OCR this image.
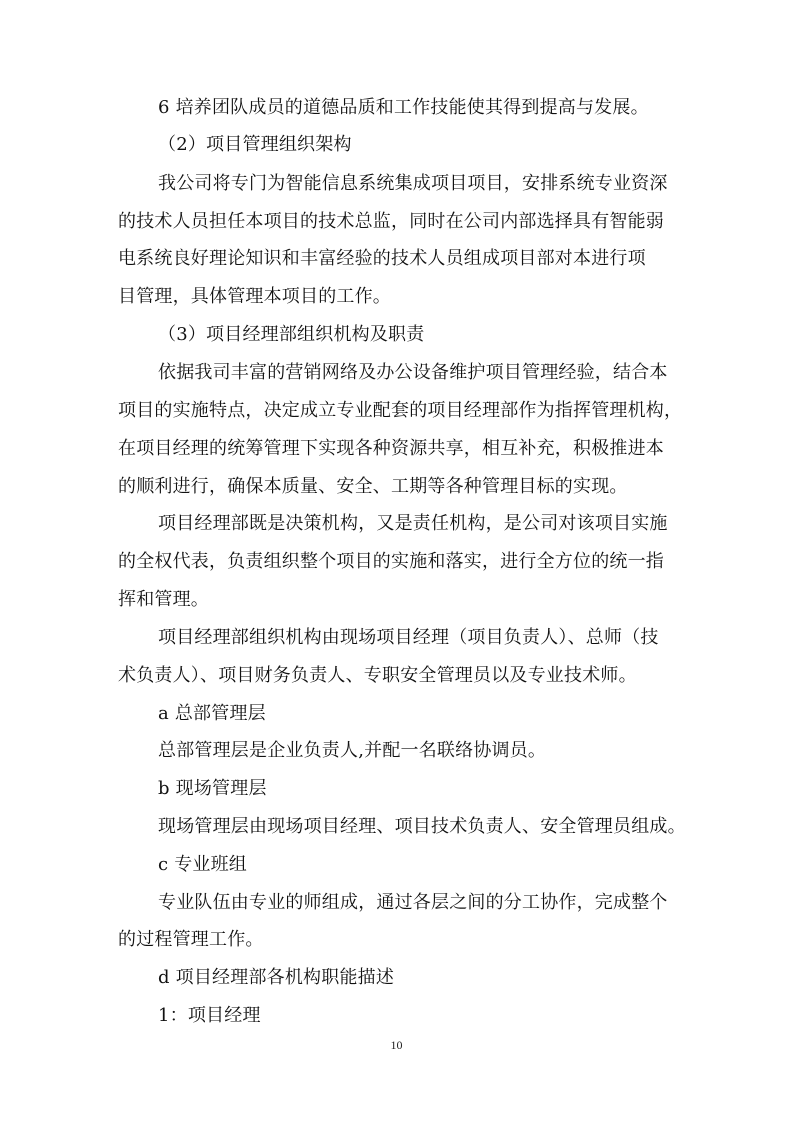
6 培养团队成员的道德品质和工作技能使其得到提高与发展。
（2）项目管理组织架构
我公司将专门为智能信息系统集成项目项目，安排系统专业资深
的技术人员担任本项目的技术总监，同时在公司内部选择具有智能弱
电系统良好理论知识和丰富经验的技术人员组成项目部对本进行项
目管理，具体管理本项目的工作。
（3）项目经理部组织机构及职责
依据我司丰富的营销网络及办公设备维护项目管理经验，结合本
项目的实施特点，决定成立专业配套的项目经理部作为指挥管理机构，
在项目经理的统筹管理下实现各种资源共享，相互补充，积极推进本
的顺利进行，确保本质量、安全、工期等各种管理目标的实现。
项目经理部既是决策机构，又是责任机构，是公司对该项目实施
的全权代表，负责组织整个项目的实施和落实，进行全方位的统一指
挥和管理。
项目经理部组织机构由现场项目经理（项目负责人）、总师（技
术负责人）、项目财务负责人、专职安全管理员以及专业技术师。
a 总部管理层
总部管理层是企业负责人,并配一名联络协调员。
b 现场管理层
现场管理层由现场项目经理、项目技术负责人、安全管理员组成。
c 专业班组
专业队伍由专业的师组成，通过各层之间的分工协作，完成整个
的过程管理工作。
d 项目经理部各机构职能描述
1：项目经理
10
